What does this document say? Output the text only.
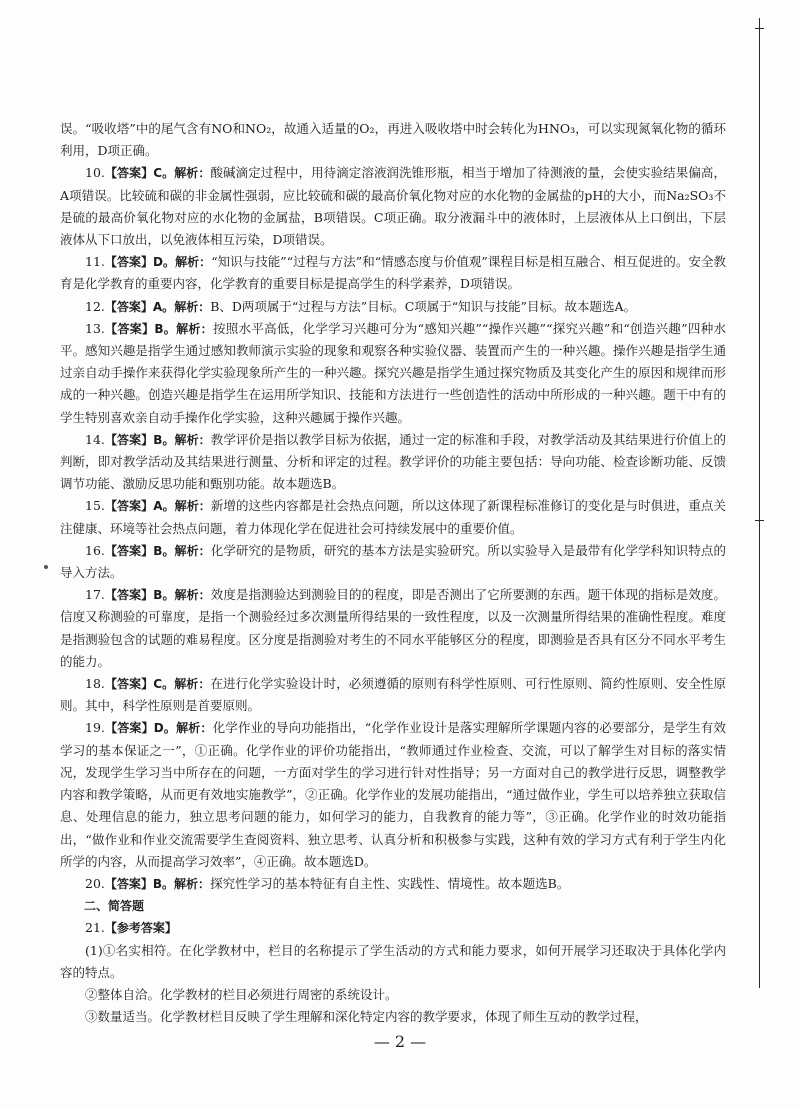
误。“吸收塔”中的尾气含有NO和NO₂，故通入适量的O₂，再进入吸收塔中时会转化为HNO₃，可以实现氮氧化物的循环利用，D项正确。

10.【答案】C。解析：酸碱滴定过程中，用待滴定溶液润洗锥形瓶，相当于增加了待测液的量，会使实验结果偏高，A项错误。比较硫和碳的非金属性强弱，应比较硫和碳的最高价氧化物对应的水化物的金属盐的pH的大小，而Na₂SO₃不是硫的最高价氧化物对应的水化物的金属盐，B项错误。C项正确。取分液漏斗中的液体时，上层液体从上口倒出，下层液体从下口放出，以免液体相互污染，D项错误。

11.【答案】D。解析：“知识与技能”“过程与方法”和“情感态度与价值观”课程目标是相互融合、相互促进的。安全教育是化学教育的重要内容，化学教育的重要目标是提高学生的科学素养，D项错误。

12.【答案】A。解析：B、D两项属于“过程与方法”目标。C项属于“知识与技能”目标。故本题选A。

13.【答案】B。解析：按照水平高低，化学学习兴趣可分为“感知兴趣”“操作兴趣”“探究兴趣”和“创造兴趣”四种水平。感知兴趣是指学生通过感知教师演示实验的现象和观察各种实验仪器、装置而产生的一种兴趣。操作兴趣是指学生通过亲自动手操作来获得化学实验现象所产生的一种兴趣。探究兴趣是指学生通过探究物质及其变化产生的原因和规律而形成的一种兴趣。创造兴趣是指学生在运用所学知识、技能和方法进行一些创造性的活动中所形成的一种兴趣。题干中有的学生特别喜欢亲自动手操作化学实验，这种兴趣属于操作兴趣。

14.【答案】B。解析：教学评价是指以教学目标为依据，通过一定的标准和手段，对教学活动及其结果进行价值上的判断，即对教学活动及其结果进行测量、分析和评定的过程。教学评价的功能主要包括：导向功能、检查诊断功能、反馈调节功能、激励反思功能和甄别功能。故本题选B。

15.【答案】A。解析：新增的这些内容都是社会热点问题，所以这体现了新课程标准修订的变化是与时俱进，重点关注健康、环境等社会热点问题，着力体现化学在促进社会可持续发展中的重要价值。

16.【答案】B。解析：化学研究的是物质，研究的基本方法是实验研究。所以实验导入是最带有化学学科知识特点的导入方法。

17.【答案】B。解析：效度是指测验达到测验目的的程度，即是否测出了它所要测的东西。题干体现的指标是效度。信度又称测验的可靠度，是指一个测验经过多次测量所得结果的一致性程度，以及一次测量所得结果的准确性程度。难度是指测验包含的试题的难易程度。区分度是指测验对考生的不同水平能够区分的程度，即测验是否具有区分不同水平考生的能力。

18.【答案】C。解析：在进行化学实验设计时，必须遵循的原则有科学性原则、可行性原则、简约性原则、安全性原则。其中，科学性原则是首要原则。

19.【答案】D。解析：化学作业的导向功能指出，“化学作业设计是落实理解所学课题内容的必要部分，是学生有效学习的基本保证之一”，①正确。化学作业的评价功能指出，“教师通过作业检查、交流，可以了解学生对目标的落实情况，发现学生学习当中所存在的问题，一方面对学生的学习进行针对性指导；另一方面对自己的教学进行反思，调整教学内容和教学策略，从而更有效地实施教学”，②正确。化学作业的发展功能指出，“通过做作业，学生可以培养独立获取信息、处理信息的能力，独立思考问题的能力，如何学习的能力，自我教育的能力等”，③正确。化学作业的时效功能指出，“做作业和作业交流需要学生查阅资料、独立思考、认真分析和积极参与实践，这种有效的学习方式有利于学生内化所学的内容，从而提高学习效率”，④正确。故本题选D。

20.【答案】B。解析：探究性学习的基本特征有自主性、实践性、情境性。故本题选B。

二、简答题

21.【参考答案】

(1)①名实相符。在化学教材中，栏目的名称提示了学生活动的方式和能力要求，如何开展学习还取决于具体化学内容的特点。

②整体自洽。化学教材的栏目必须进行周密的系统设计。

③数量适当。化学教材栏目反映了学生理解和深化特定内容的教学要求，体现了师生互动的教学过程，

— 2 —
